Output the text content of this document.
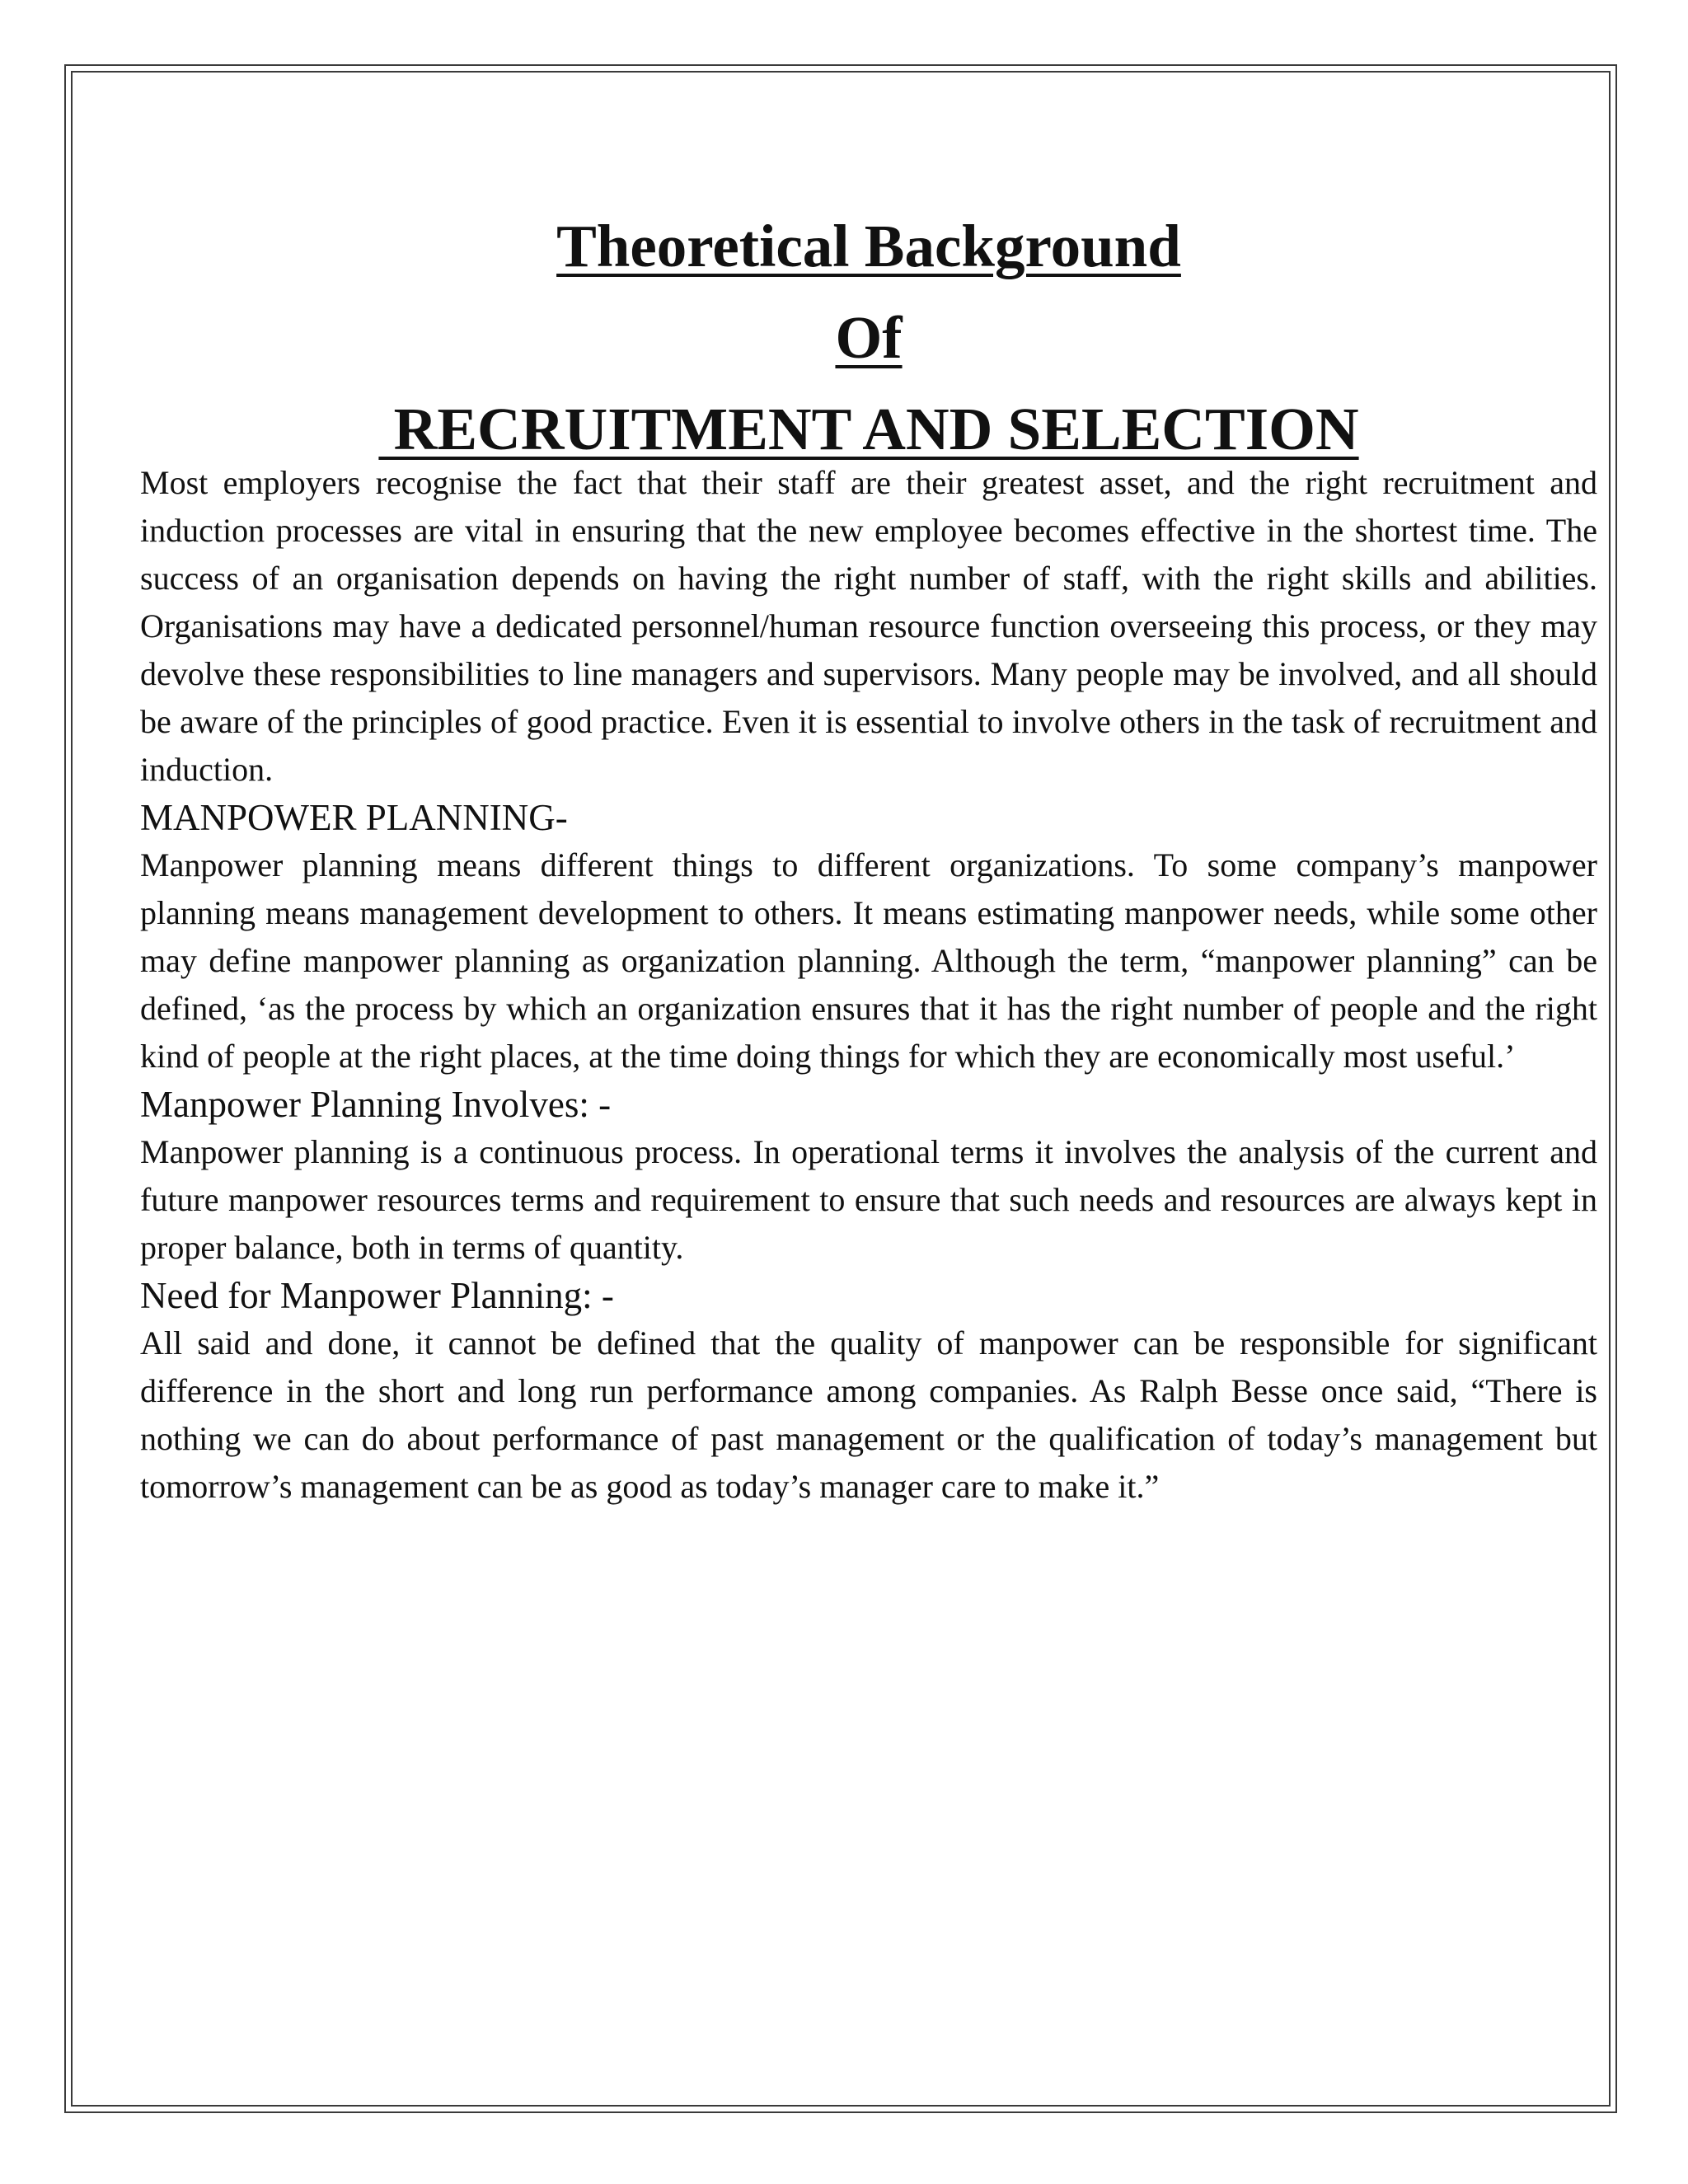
Theoretical Background
Of
RECRUITMENT AND SELECTION

Most employers recognise the fact that their staff are their greatest asset, and the right recruitment and induction processes are vital in ensuring that the new employee becomes effective in the shortest time. The success of an organisation depends on having the right number of staff, with the right skills and abilities. Organisations may have a dedicated personnel/human resource function overseeing this process, or they may devolve these responsibilities to line managers and supervisors. Many people may be involved, and all should be aware of the principles of good practice. Even it is essential to involve others in the task of recruitment and induction.

MANPOWER PLANNING-

Manpower planning means different things to different organizations. To some company’s manpower planning means management development to others. It means estimating manpower needs, while some other may define manpower planning as organization planning. Although the term, “manpower planning” can be defined, ‘as the process by which an organization ensures that it has the right number of people and the right kind of people at the right places, at the time doing things for which they are economically most useful.’

Manpower Planning Involves: -

Manpower planning is a continuous process. In operational terms it involves the analysis of the current and future manpower resources terms and requirement to ensure that such needs and resources are always kept in proper balance, both in terms of quantity.

Need for Manpower Planning: -

All said and done, it cannot be defined that the quality of manpower can be responsible for significant difference in the short and long run performance among companies. As Ralph Besse once said, “There is nothing we can do about performance of past management or the qualification of today’s management but tomorrow’s management can be as good as today’s manager care to make it.”
